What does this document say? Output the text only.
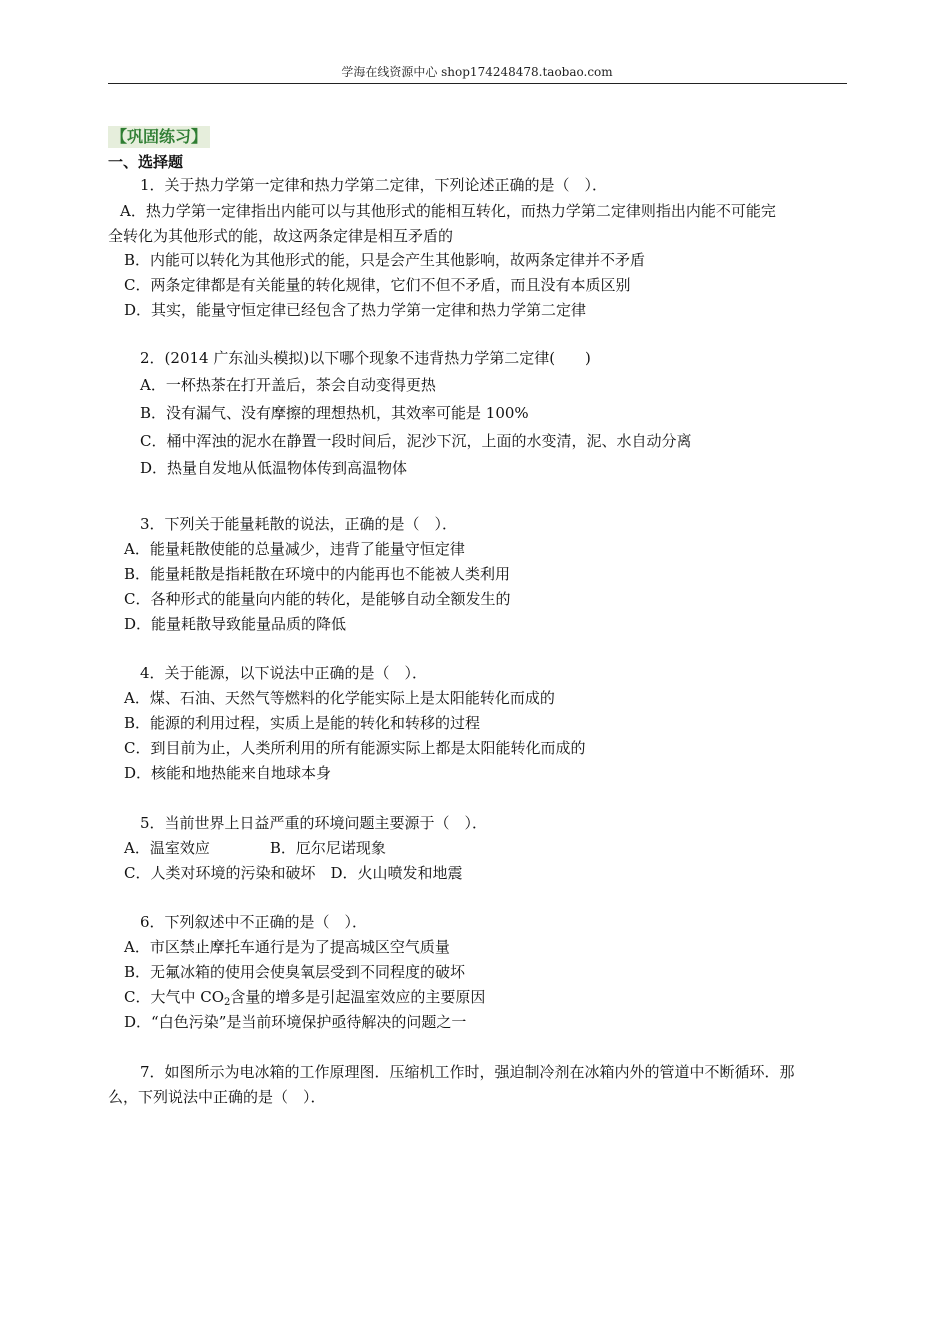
学海在线资源中心 shop174248478.taobao.com
【巩固练习】
一、选择题
1．关于热力学第一定律和热力学第二定律，下列论述正确的是（　）．
A．热力学第一定律指出内能可以与其他形式的能相互转化，而热力学第二定律则指出内能不可能完
全转化为其他形式的能，故这两条定律是相互矛盾的
B．内能可以转化为其他形式的能，只是会产生其他影响，故两条定律并不矛盾
C．两条定律都是有关能量的转化规律，它们不但不矛盾，而且没有本质区别
D．其实，能量守恒定律已经包含了热力学第一定律和热力学第二定律
2．(2014 广东汕头模拟)以下哪个现象不违背热力学第二定律(　　)
A．一杯热茶在打开盖后，茶会自动变得更热
B．没有漏气、没有摩擦的理想热机，其效率可能是 100%
C．桶中浑浊的泥水在静置一段时间后，泥沙下沉，上面的水变清，泥、水自动分离
D．热量自发地从低温物体传到高温物体
3．下列关于能量耗散的说法，正确的是（　）．
A．能量耗散使能的总量减少，违背了能量守恒定律
B．能量耗散是指耗散在环境中的内能再也不能被人类利用
C．各种形式的能量向内能的转化，是能够自动全额发生的
D．能量耗散导致能量品质的降低
4．关于能源，以下说法中正确的是（　）．
A．煤、石油、天然气等燃料的化学能实际上是太阳能转化而成的
B．能源的利用过程，实质上是能的转化和转移的过程
C．到目前为止，人类所利用的所有能源实际上都是太阳能转化而成的
D．核能和地热能来自地球本身
5．当前世界上日益严重的环境问题主要源于（　）．
A．温室效应　　　　B．厄尔尼诺现象
C．人类对环境的污染和破坏　D．火山喷发和地震
6．下列叙述中不正确的是（　）．
A．市区禁止摩托车通行是为了提高城区空气质量
B．无氟冰箱的使用会使臭氧层受到不同程度的破坏
C．大气中 $CO_2$含量的增多是引起温室效应的主要原因
D．“白色污染”是当前环境保护亟待解决的问题之一
7．如图所示为电冰箱的工作原理图．压缩机工作时，强迫制冷剂在冰箱内外的管道中不断循环．那
么，下列说法中正确的是（　）．
